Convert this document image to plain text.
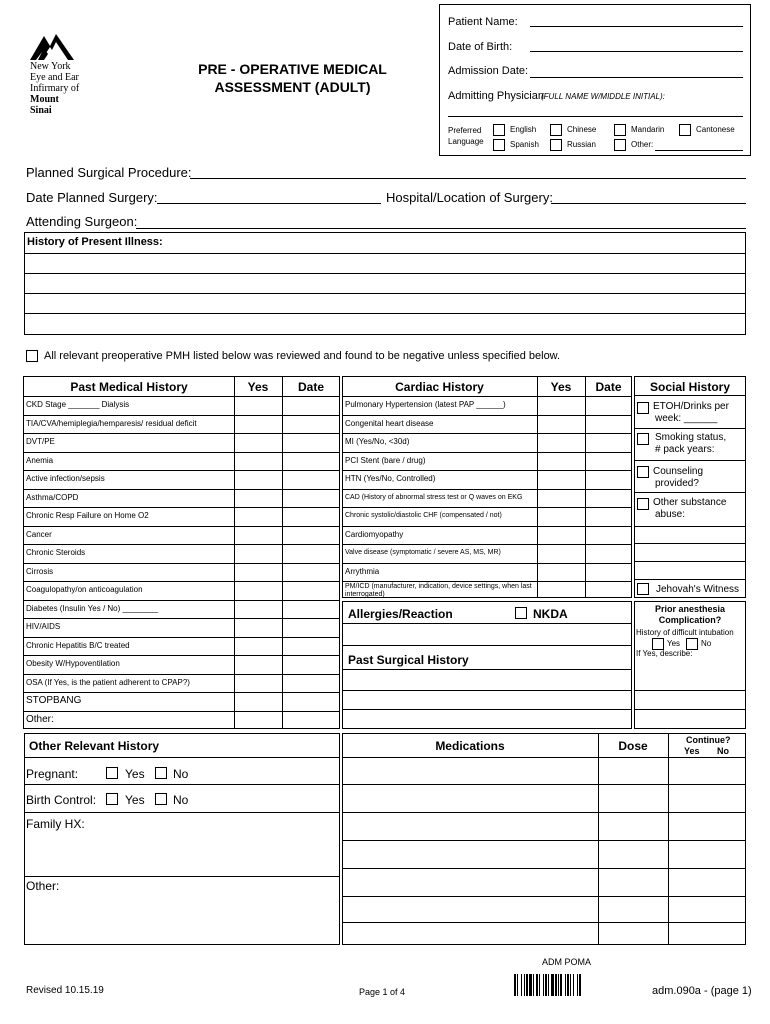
New York
Eye and Ear
Infirmary of
Mount
Sinai
PRE - OPERATIVE MEDICAL
ASSESSMENT (ADULT)
Patient Name:
Date of Birth:
Admission Date:
Admitting Physician
(FULL NAME W/MIDDLE INITIAL):
Preferred
Language
English	Chinese	Mandarin	Cantonese
Spanish	Russian	Other:
Planned Surgical Procedure:
Date Planned Surgery:	Hospital/Location of Surgery:
Attending Surgeon:
History of Present Illness:
All relevant preoperative PMH listed below was reviewed and found to be negative unless specified below.
Past Medical History	Yes	Date
CKD Stage _______ Dialysis
TIA/CVA/hemiplegia/hemparesis/ residual deficit
DVT/PE
Anemia
Active infection/sepsis
Asthma/COPD
Chronic Resp Failure on Home O2
Cancer
Chronic Steroids
Cirrosis
Coagulopathy/on anticoagulation
Diabetes (Insulin Yes / No) ________
HIV/AIDS
Chronic Hepatitis B/C treated
Obesity W/Hypoventilation
OSA (If Yes, is the patient adherent to CPAP?)
STOPBANG
Other:
Cardiac History	Yes	Date
Pulmonary Hypertension (latest PAP ______)
Congenital heart disease
MI (Yes/No, <30d)
PCI Stent (bare / drug)
HTN (Yes/No, Controlled)
CAD (History of abnormal stress test or Q waves on EKG
Chronic systolic/diastolic CHF (compensated / not)
Cardiomyopathy
Valve disease (symptomatic / severe AS, MS, MR)
Arrythmia
PM/ICD (manufacturer, indication, device settings, when last interrogated)
Social History
ETOH/Drinks per
week: ______
Smoking status,
# pack years:
Counseling
provided?
Other substance
abuse:
Jehovah's Witness
Allergies/Reaction	NKDA
Past Surgical History
Prior anesthesia
Complication?
History of difficult intubation
Yes	No
If Yes, describe:
Other Relevant History
Pregnant:	Yes No
Birth Control: Yes No
Family HX:
Other:
Medications	Dose	Continue?
Yes No
ADM POMA
Revised 10.15.19	Page 1 of 4	adm.090a - (page 1)
